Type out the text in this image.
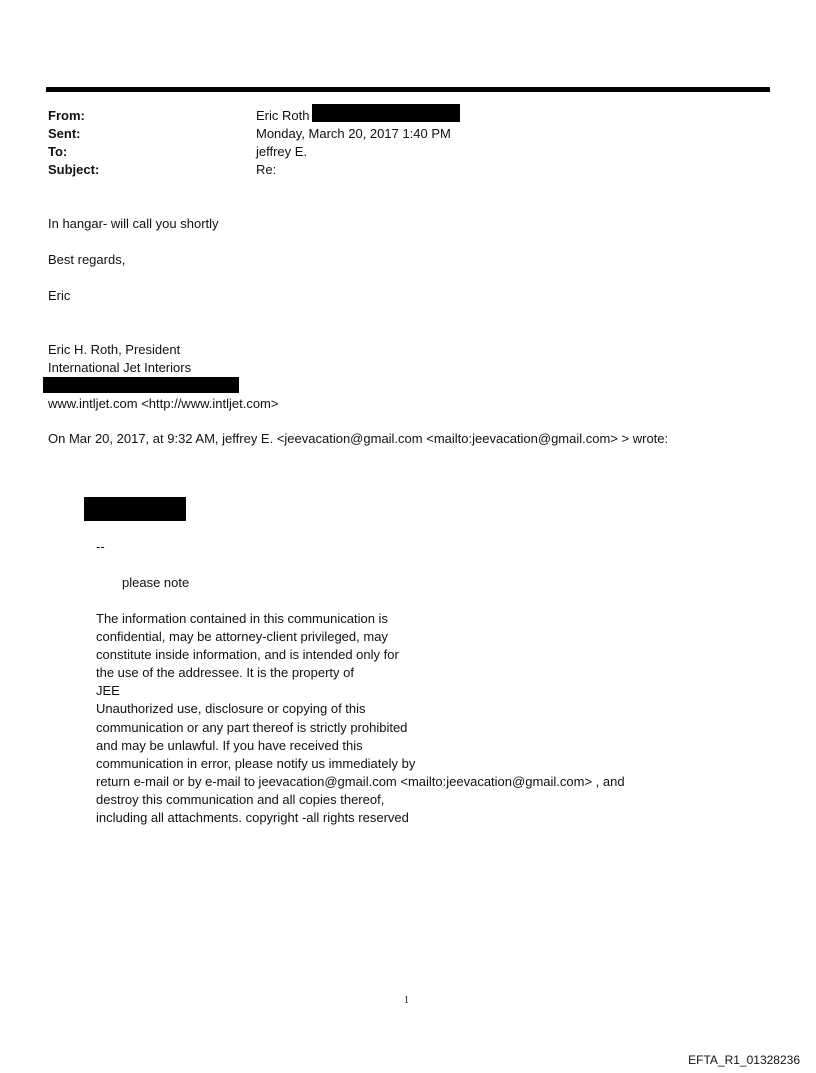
From:	Eric Roth
Sent:	Monday, March 20, 2017 1:40 PM
To:	jeffrey E.
Subject:	Re:
In hangar- will call you shortly
Best regards,
Eric
Eric H. Roth, President
International Jet Interiors
www.intljet.com <http://www.intljet.com>
On Mar 20, 2017, at 9:32 AM, jeffrey E. <jeevacation@gmail.com <mailto:jeevacation@gmail.com> > wrote:
--
please note
The information contained in this communication is
confidential, may be attorney-client privileged, may
constitute inside information, and is intended only for
the use of the addressee. It is the property of
JEE
Unauthorized use, disclosure or copying of this
communication or any part thereof is strictly prohibited
and may be unlawful. If you have received this
communication in error, please notify us immediately by
return e-mail or by e-mail to jeevacation@gmail.com <mailto:jeevacation@gmail.com> , and
destroy this communication and all copies thereof,
including all attachments. copyright -all rights reserved
1
EFTA_R1_01328236
